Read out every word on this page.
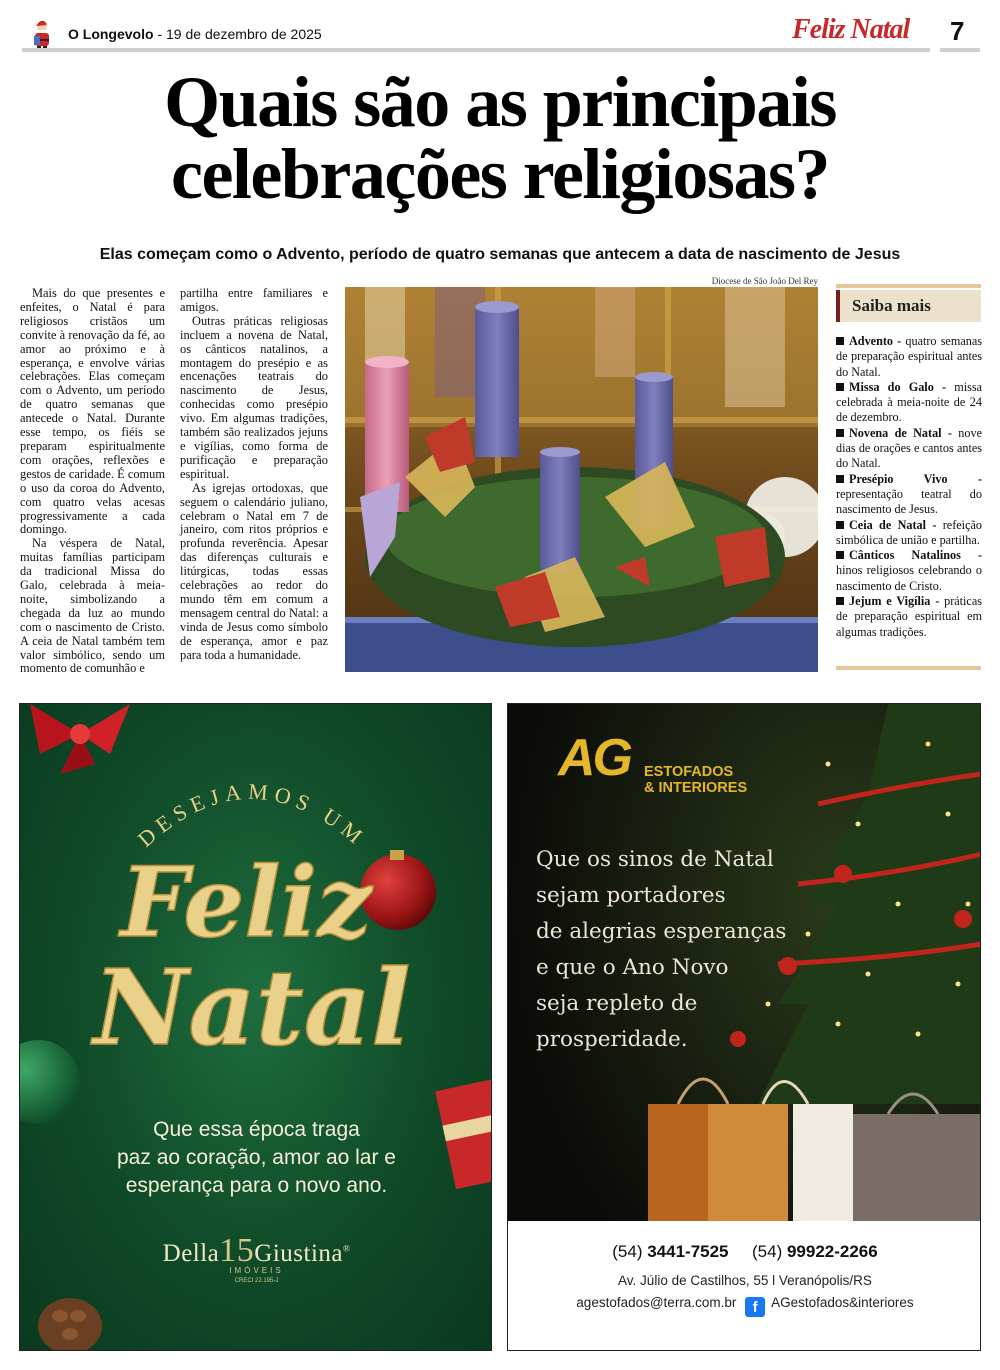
O Longevolo - 19 de dezembro de 2025	Feliz Natal 7
Quais são as principais
celebrações religiosas?
Elas começam como o Advento, período de quatro semanas que antecem a data de nascimento de Jesus

Mais do que presentes e enfeites, o Natal é para religiosos cristãos um convite à renovação da fé, ao amor ao próximo e à esperança, e envolve várias celebrações. Elas começam com o Advento, um período de quatro semanas que antecede o Natal. Durante esse tempo, os fiéis se preparam espiritualmente com orações, reflexões e gestos de caridade. É comum o uso da coroa do Advento, com quatro velas acesas progressivamente a cada domingo.

Na véspera de Natal, muitas famílias participam da tradicional Missa do Galo, celebrada à meia-noite, simbolizando a chegada da luz ao mundo com o nascimento de Cristo. A ceia de Natal também tem valor simbólico, sendo um momento de comunhão e

partilha entre familiares e amigos.

Outras práticas religiosas incluem a novena de Natal, os cânticos natalinos, a montagem do presépio e as encenações teatrais do nascimento de Jesus, conhecidas como presépio vivo. Em algumas tradições, também são realizados jejuns e vigílias, como forma de purificação e preparação espiritual.

As igrejas ortodoxas, que seguem o calendário juliano, celebram o Natal em 7 de janeiro, com ritos próprios e profunda reverência. Apesar das diferenças culturais e litúrgicas, todas essas celebrações ao redor do mundo têm em comum a mensagem central do Natal: a vinda de Jesus como símbolo de esperança, amor e paz para toda a humanidade.

Diocese de São João Del Rey
Saiba mais
Advento - quatro semanas de preparação espiritual antes do Natal.
Missa do Galo - missa celebrada à meia-noite de 24 de dezembro.
Novena de Natal - nove dias de orações e cantos antes do Natal.
Presépio Vivo - representação teatral do nascimento de Jesus.
Ceia de Natal - refeição simbólica de união e partilha.
Cânticos Natalinos - hinos religiosos celebrando o nascimento de Cristo.
Jejum e Vigília - práticas de preparação espiritual em algumas tradições.
DESEJAMOS UM
Feliz
Natal
Que essa época traga
paz ao coração, amor ao lar e
esperança para o novo ano.
Della15Giustina®
IMÓVEIS
CRECI 22.195-J
AG ESTOFADOS
& INTERIORES
Que os sinos de Natal
sejam portadores
de alegrias esperanças
e que o Ano Novo
seja repleto de
prosperidade.
(54) 3441-7525 (54) 99922-2266
Av. Júlio de Castilhos, 55 l Veranópolis/RS
agestofados@terra.com.br f AGestofados&interiores
